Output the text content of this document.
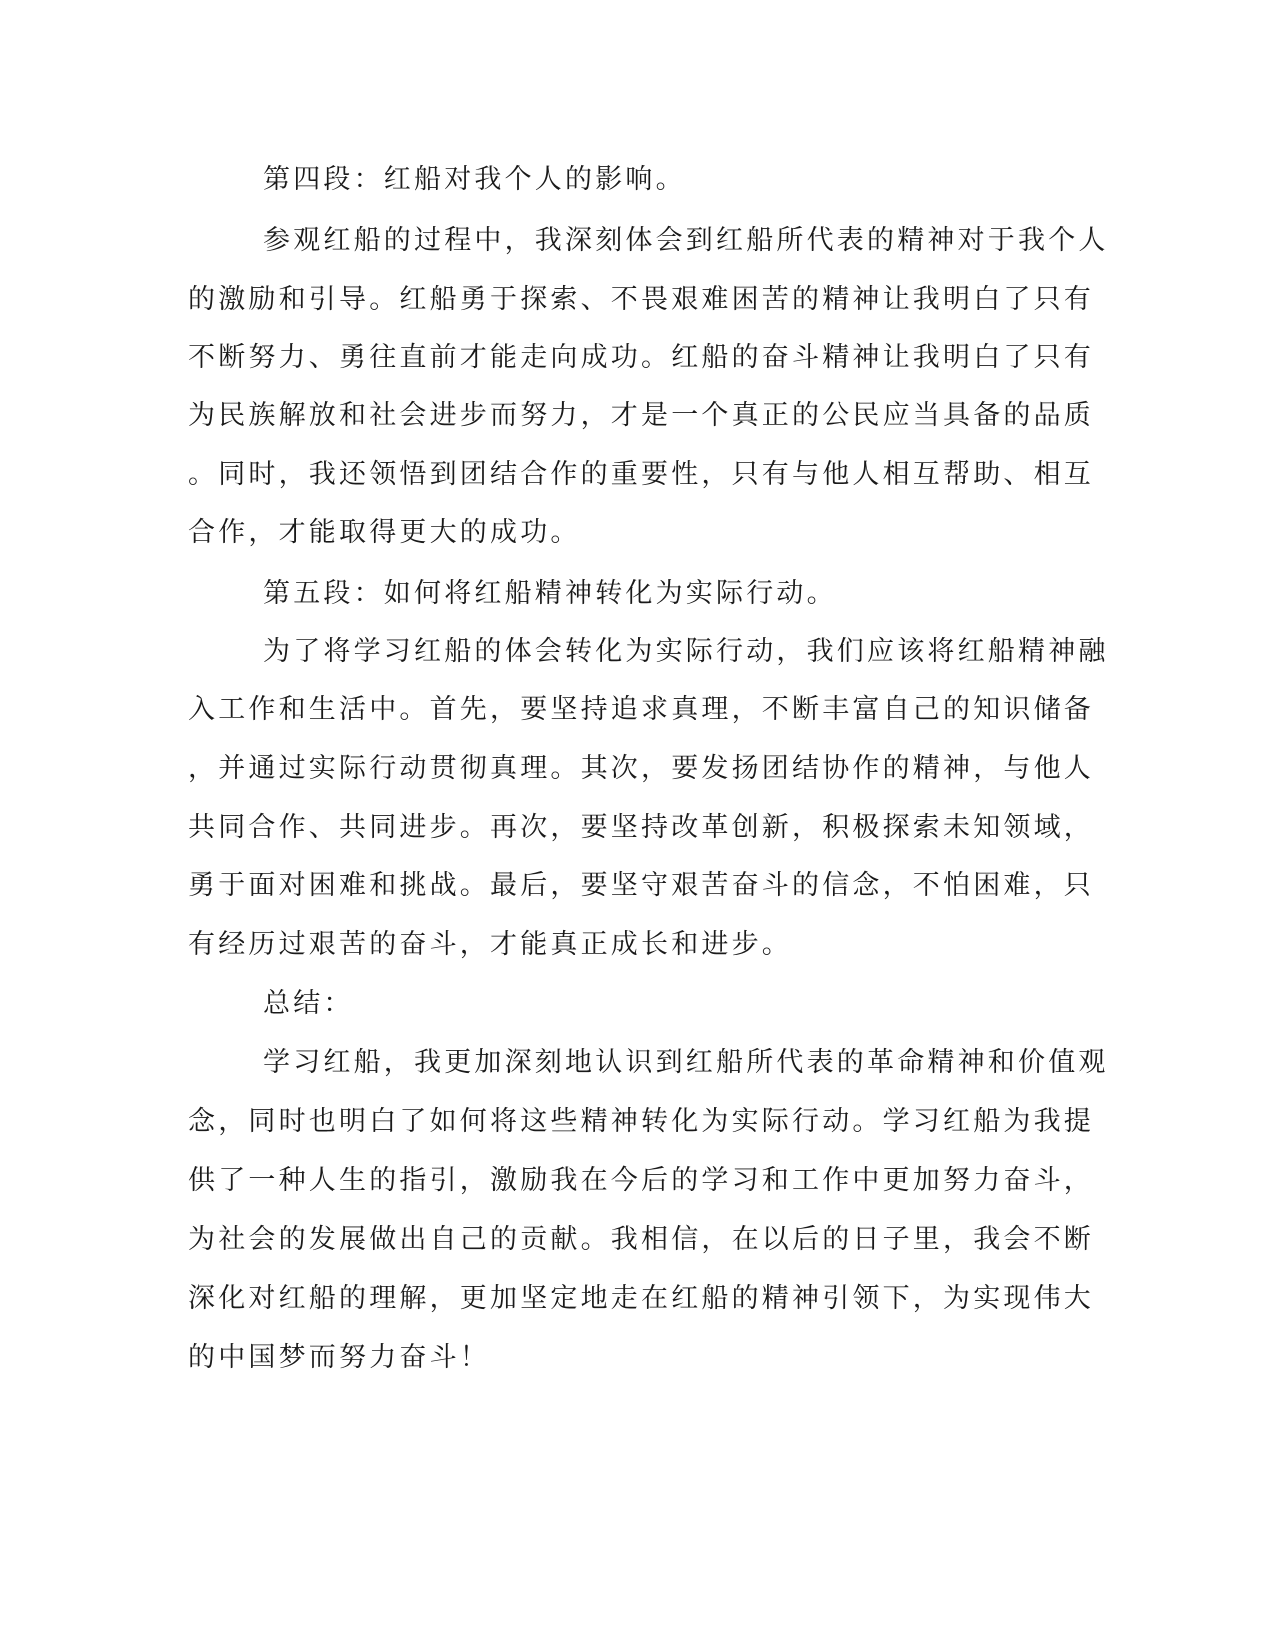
第四段：红船对我个人的影响。

参观红船的过程中，我深刻体会到红船所代表的精神对于我个人

的激励和引导。红船勇于探索、不畏艰难困苦的精神让我明白了只有

不断努力、勇往直前才能走向成功。红船的奋斗精神让我明白了只有

为民族解放和社会进步而努力，才是一个真正的公民应当具备的品质

。同时，我还领悟到团结合作的重要性，只有与他人相互帮助、相互

合作，才能取得更大的成功。

第五段：如何将红船精神转化为实际行动。

为了将学习红船的体会转化为实际行动，我们应该将红船精神融

入工作和生活中。首先，要坚持追求真理，不断丰富自己的知识储备

，并通过实际行动贯彻真理。其次，要发扬团结协作的精神，与他人

共同合作、共同进步。再次，要坚持改革创新，积极探索未知领域，

勇于面对困难和挑战。最后，要坚守艰苦奋斗的信念，不怕困难，只

有经历过艰苦的奋斗，才能真正成长和进步。

总结：

学习红船，我更加深刻地认识到红船所代表的革命精神和价值观

念，同时也明白了如何将这些精神转化为实际行动。学习红船为我提

供了一种人生的指引，激励我在今后的学习和工作中更加努力奋斗，

为社会的发展做出自己的贡献。我相信，在以后的日子里，我会不断

深化对红船的理解，更加坚定地走在红船的精神引领下，为实现伟大

的中国梦而努力奋斗！
